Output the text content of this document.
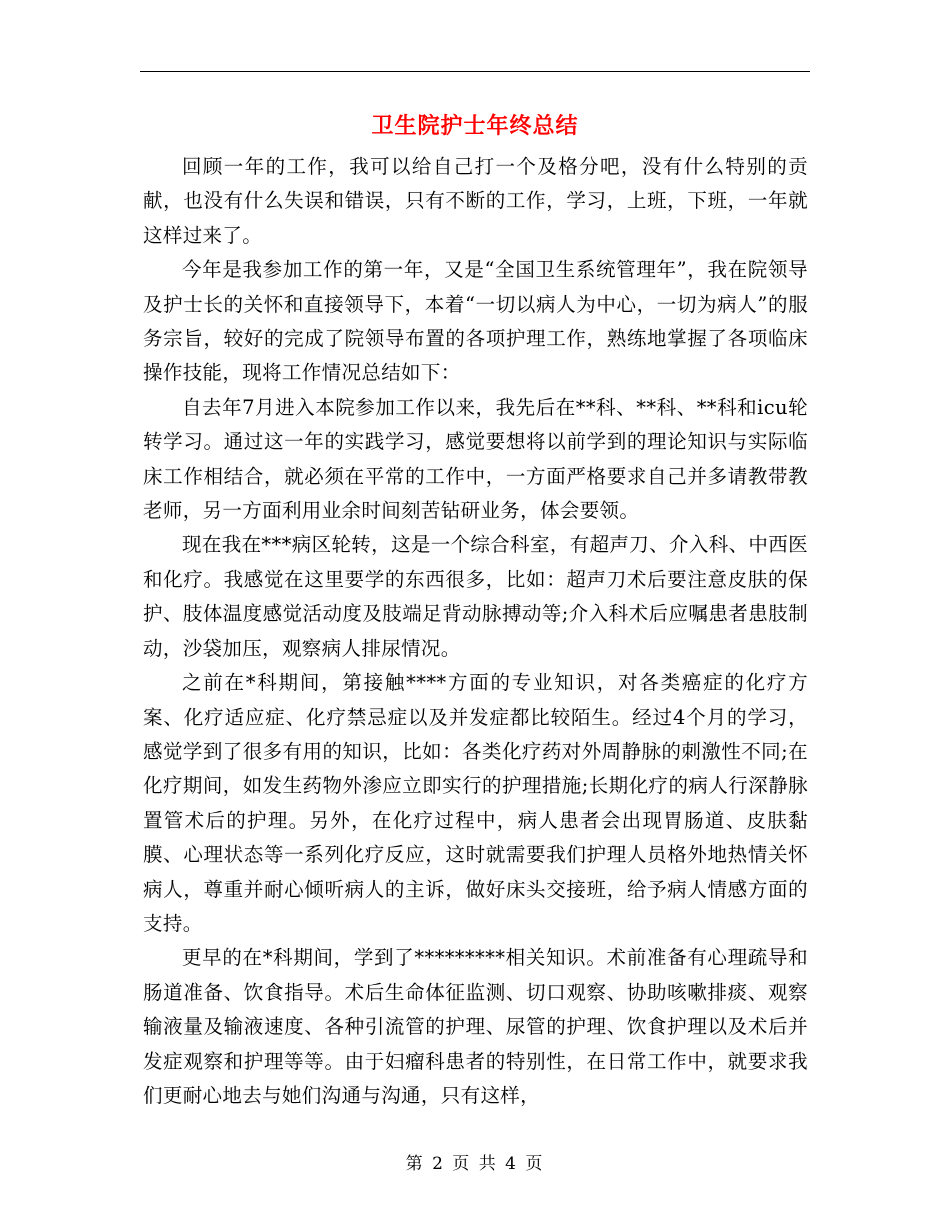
卫生院护士年终总结

回顾一年的工作，我可以给自己打一个及格分吧，没有什么特别的贡献，也没有什么失误和错误，只有不断的工作，学习，上班，下班，一年就这样过来了。

今年是我参加工作的第一年，又是“全国卫生系统管理年”，我在院领导及护士长的关怀和直接领导下，本着“一切以病人为中心，一切为病人”的服务宗旨，较好的完成了院领导布置的各项护理工作，熟练地掌握了各项临床操作技能，现将工作情况总结如下：

自去年7月进入本院参加工作以来，我先后在**科、**科、**科和icu轮转学习。通过这一年的实践学习，感觉要想将以前学到的理论知识与实际临床工作相结合，就必须在平常的工作中，一方面严格要求自己并多请教带教老师，另一方面利用业余时间刻苦钻研业务，体会要领。

现在我在***病区轮转，这是一个综合科室，有超声刀、介入科、中西医和化疗。我感觉在这里要学的东西很多，比如：超声刀术后要注意皮肤的保护、肢体温度感觉活动度及肢端足背动脉搏动等;介入科术后应嘱患者患肢制动，沙袋加压，观察病人排尿情况。

之前在*科期间，第接触****方面的专业知识，对各类癌症的化疗方案、化疗适应症、化疗禁忌症以及并发症都比较陌生。经过4个月的学习，感觉学到了很多有用的知识，比如：各类化疗药对外周静脉的刺激性不同;在化疗期间，如发生药物外渗应立即实行的护理措施;长期化疗的病人行深静脉置管术后的护理。另外，在化疗过程中，病人患者会出现胃肠道、皮肤黏膜、心理状态等一系列化疗反应，这时就需要我们护理人员格外地热情关怀病人，尊重并耐心倾听病人的主诉，做好床头交接班，给予病人情感方面的支持。

更早的在*科期间，学到了*********相关知识。术前准备有心理疏导和肠道准备、饮食指导。术后生命体征监测、切口观察、协助咳嗽排痰、观察输液量及输液速度、各种引流管的护理、尿管的护理、饮食护理以及术后并发症观察和护理等等。由于妇瘤科患者的特别性，在日常工作中，就要求我们更耐心地去与她们沟通与沟通，只有这样，

第 2 页 共 4 页
